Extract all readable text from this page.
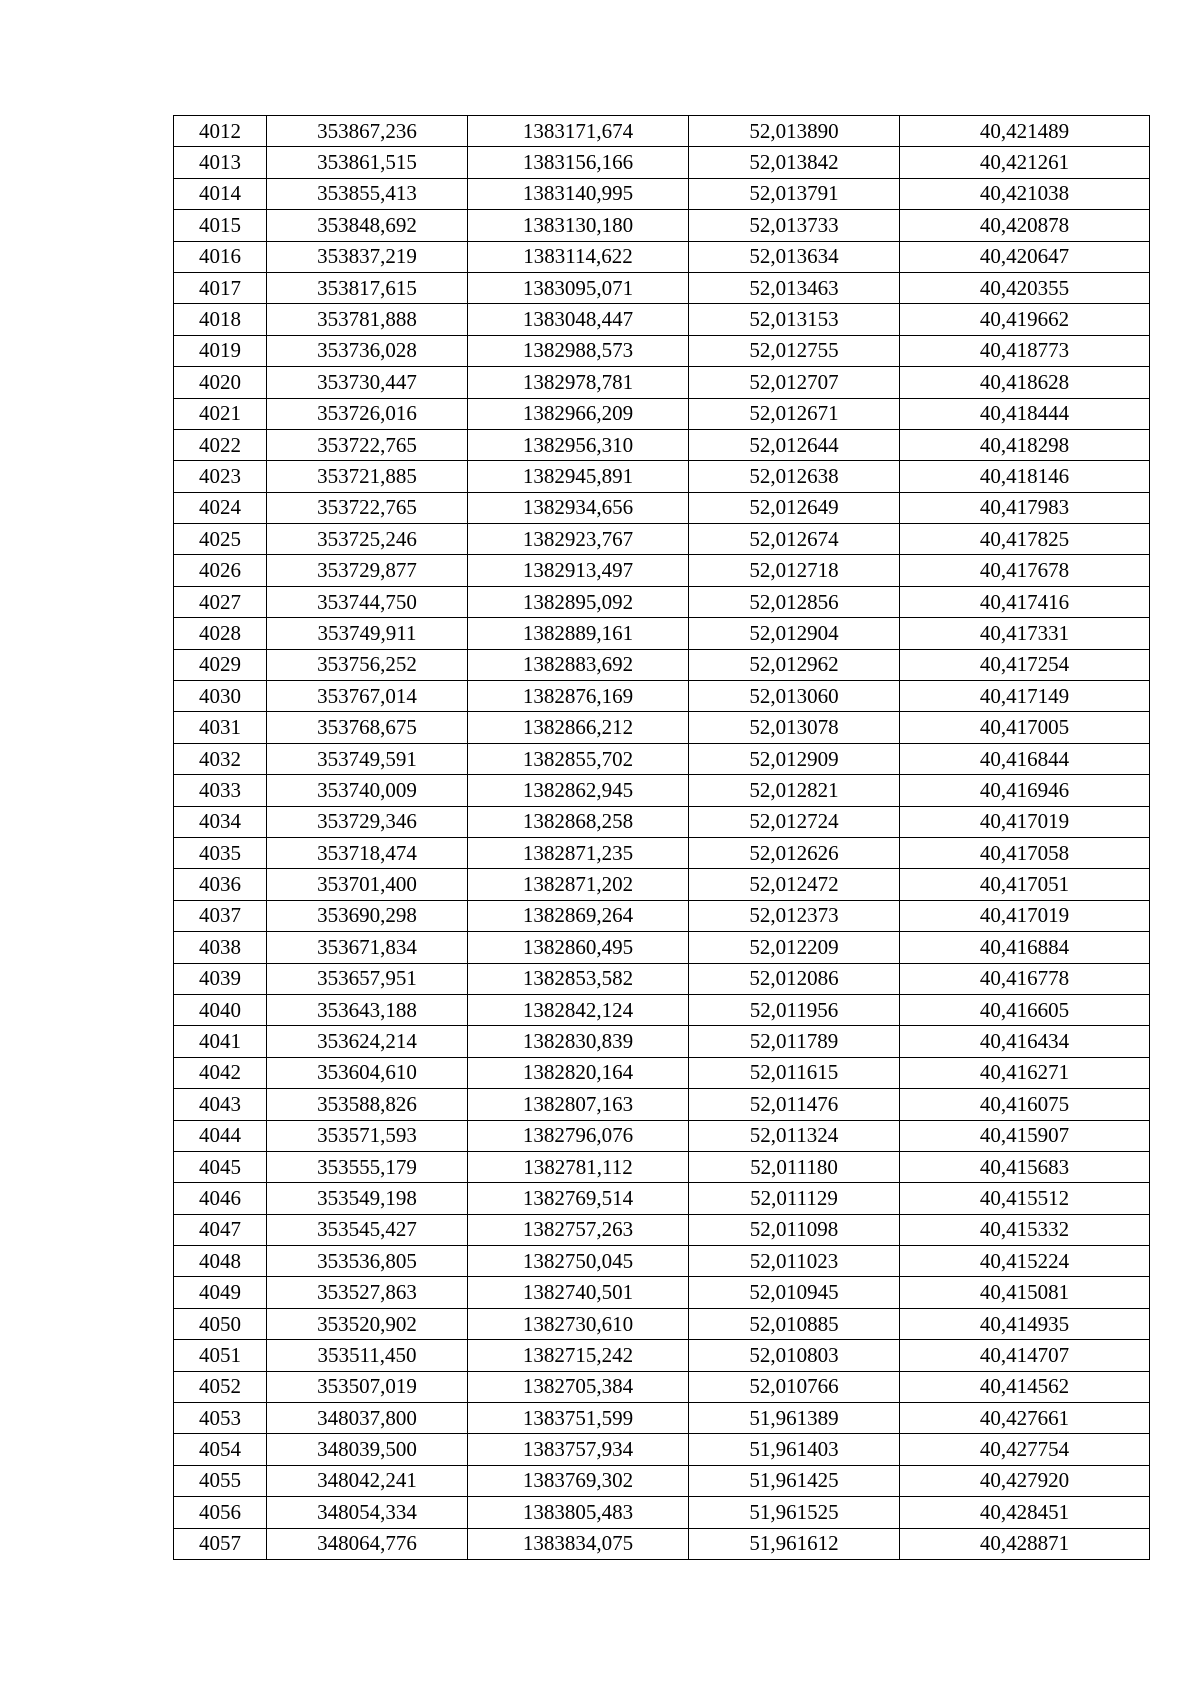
4012	353867,236	1383171,674	52,013890	40,421489
4013	353861,515	1383156,166	52,013842	40,421261
4014	353855,413	1383140,995	52,013791	40,421038
4015	353848,692	1383130,180	52,013733	40,420878
4016	353837,219	1383114,622	52,013634	40,420647
4017	353817,615	1383095,071	52,013463	40,420355
4018	353781,888	1383048,447	52,013153	40,419662
4019	353736,028	1382988,573	52,012755	40,418773
4020	353730,447	1382978,781	52,012707	40,418628
4021	353726,016	1382966,209	52,012671	40,418444
4022	353722,765	1382956,310	52,012644	40,418298
4023	353721,885	1382945,891	52,012638	40,418146
4024	353722,765	1382934,656	52,012649	40,417983
4025	353725,246	1382923,767	52,012674	40,417825
4026	353729,877	1382913,497	52,012718	40,417678
4027	353744,750	1382895,092	52,012856	40,417416
4028	353749,911	1382889,161	52,012904	40,417331
4029	353756,252	1382883,692	52,012962	40,417254
4030	353767,014	1382876,169	52,013060	40,417149
4031	353768,675	1382866,212	52,013078	40,417005
4032	353749,591	1382855,702	52,012909	40,416844
4033	353740,009	1382862,945	52,012821	40,416946
4034	353729,346	1382868,258	52,012724	40,417019
4035	353718,474	1382871,235	52,012626	40,417058
4036	353701,400	1382871,202	52,012472	40,417051
4037	353690,298	1382869,264	52,012373	40,417019
4038	353671,834	1382860,495	52,012209	40,416884
4039	353657,951	1382853,582	52,012086	40,416778
4040	353643,188	1382842,124	52,011956	40,416605
4041	353624,214	1382830,839	52,011789	40,416434
4042	353604,610	1382820,164	52,011615	40,416271
4043	353588,826	1382807,163	52,011476	40,416075
4044	353571,593	1382796,076	52,011324	40,415907
4045	353555,179	1382781,112	52,011180	40,415683
4046	353549,198	1382769,514	52,011129	40,415512
4047	353545,427	1382757,263	52,011098	40,415332
4048	353536,805	1382750,045	52,011023	40,415224
4049	353527,863	1382740,501	52,010945	40,415081
4050	353520,902	1382730,610	52,010885	40,414935
4051	353511,450	1382715,242	52,010803	40,414707
4052	353507,019	1382705,384	52,010766	40,414562
4053	348037,800	1383751,599	51,961389	40,427661
4054	348039,500	1383757,934	51,961403	40,427754
4055	348042,241	1383769,302	51,961425	40,427920
4056	348054,334	1383805,483	51,961525	40,428451
4057	348064,776	1383834,075	51,961612	40,428871
